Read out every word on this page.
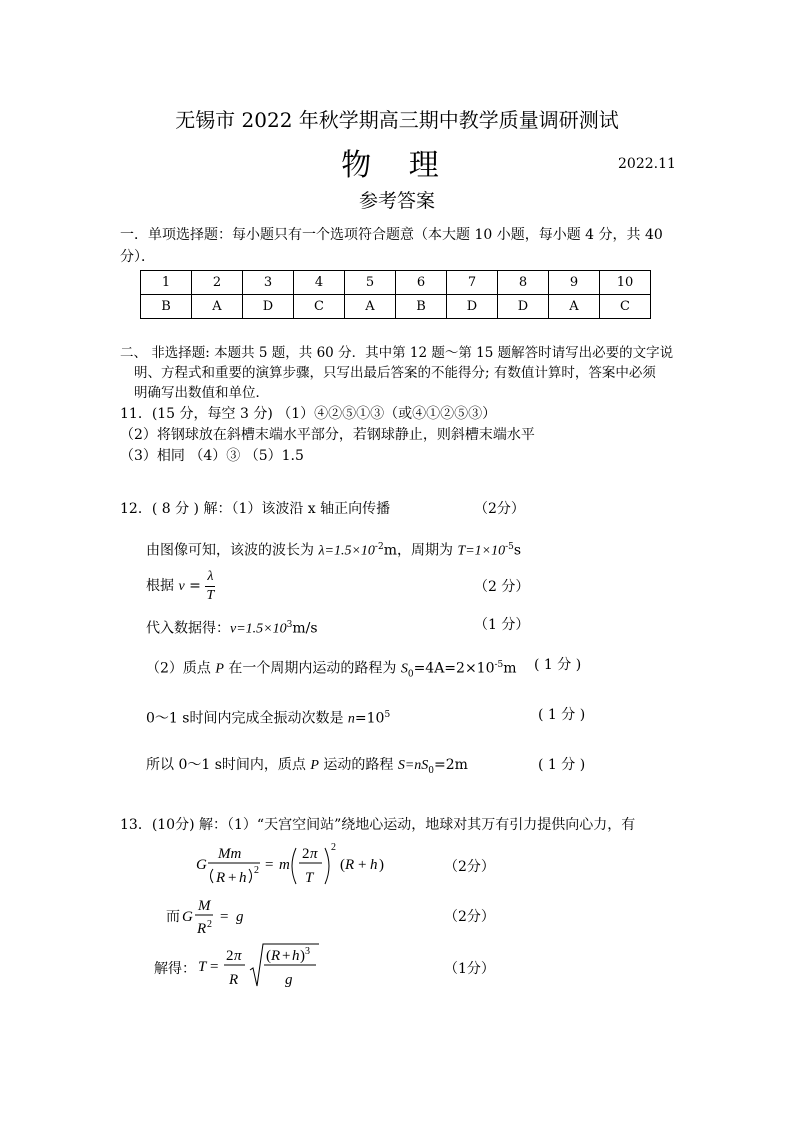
无锡市 2022 年秋学期高三期中教学质量调研测试
物 理	2022.11
参考答案
一．单项选择题：每小题只有一个选项符合题意（本大题 10 小题，每小题 4 分，共 40
分）．
1	2	3	4	5	6	7	8	9	10
B	A	D	C	A	B	D	D	A	C
二、 非选择题: 本题共 5 题，共 60 分．其中第 12 题～第 15 题解答时请写出必要的文字说
明、方程式和重要的演算步骤，只写出最后答案的不能得分; 有数值计算时，答案中必须
明确写出数值和单位．
11．(15 分，每空 3 分) （1）④②⑤①③（或④①②⑤③）
（2）将钢球放在斜槽末端水平部分，若钢球静止，则斜槽末端水平
（3）相同 （4）③ （5）1.5
12．( 8 分 ) 解：（1）该波沿 x 轴正向传播	（2分）
由图像可知，该波的波长为 $\lambda=1.5\times 10^{-2}m$，周期为 $T=1\times 10^{-5}s$
根据 $v = \frac{\lambda}{T}$	（2 分）
代入数据得：$v=1.5\times 10^3m/s$	（1 分）
（2）质点 P 在一个周期内运动的路程为 $S_0=4A=2\times 10^{-5}m$ ( 1 分 )
0～1 s时间内完成全振动次数是 $n=10^5$	( 1 分 )
所以 0～1 s时间内，质点 P 运动的路程 $S=nS_0=2m$	( 1 分 )
13．(10分) 解：（1）“天宫空间站”绕地心运动，地球对其万有引力提供向心力，有
G
Mm
R + h 2 = m
2 π
T
2
( R + h )	（2分）
而 G
M
R 2 = g	（2分）
解得： T =
2 π
R
( R + h ) 3
g
（1分）
